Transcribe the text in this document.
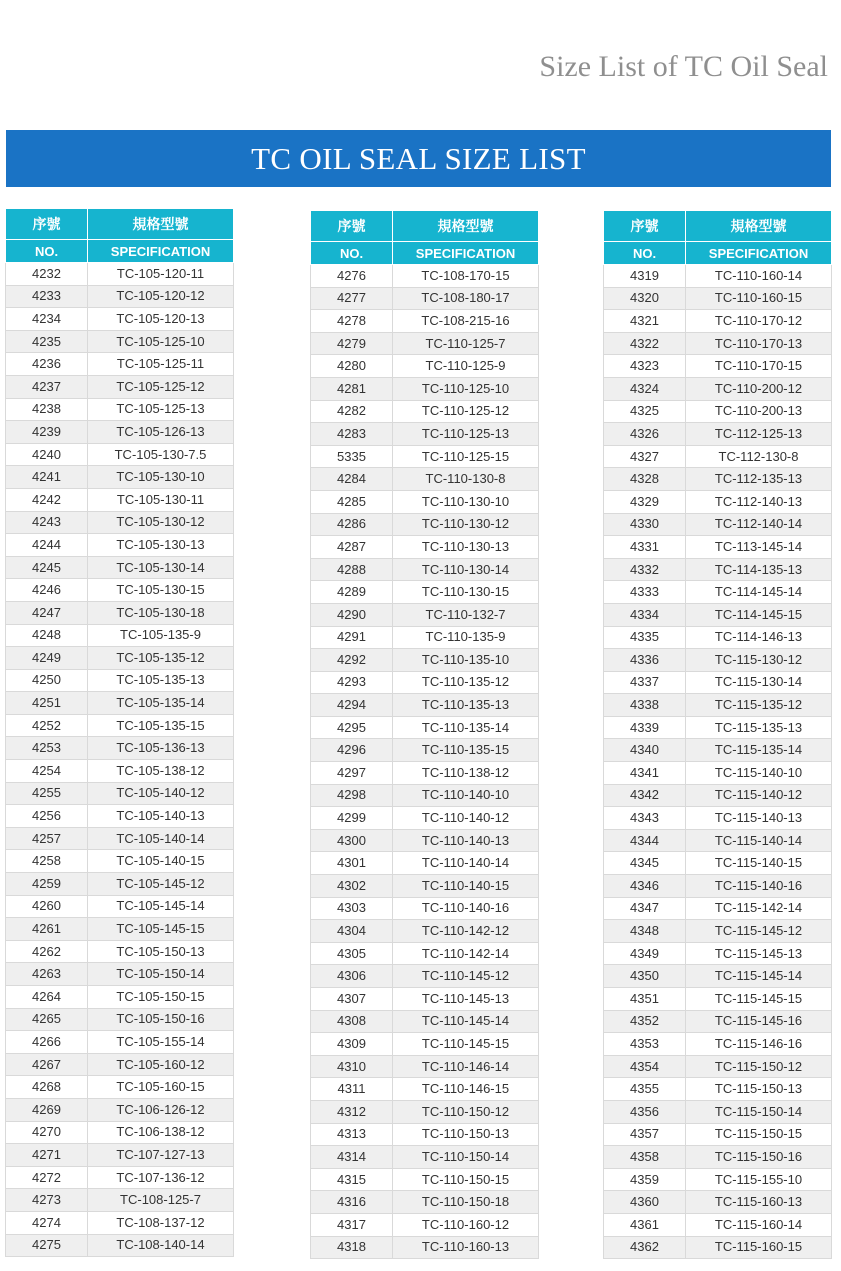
Size List of TC Oil Seal
TC OIL SEAL SIZE LIST
序號	規格型號
NO.	SPECIFICATION
4232	TC-105-120-11
4233	TC-105-120-12
4234	TC-105-120-13
4235	TC-105-125-10
4236	TC-105-125-11
4237	TC-105-125-12
4238	TC-105-125-13
4239	TC-105-126-13
4240	TC-105-130-7.5
4241	TC-105-130-10
4242	TC-105-130-11
4243	TC-105-130-12
4244	TC-105-130-13
4245	TC-105-130-14
4246	TC-105-130-15
4247	TC-105-130-18
4248	TC-105-135-9
4249	TC-105-135-12
4250	TC-105-135-13
4251	TC-105-135-14
4252	TC-105-135-15
4253	TC-105-136-13
4254	TC-105-138-12
4255	TC-105-140-12
4256	TC-105-140-13
4257	TC-105-140-14
4258	TC-105-140-15
4259	TC-105-145-12
4260	TC-105-145-14
4261	TC-105-145-15
4262	TC-105-150-13
4263	TC-105-150-14
4264	TC-105-150-15
4265	TC-105-150-16
4266	TC-105-155-14
4267	TC-105-160-12
4268	TC-105-160-15
4269	TC-106-126-12
4270	TC-106-138-12
4271	TC-107-127-13
4272	TC-107-136-12
4273	TC-108-125-7
4274	TC-108-137-12
4275	TC-108-140-14
序號	規格型號
NO.	SPECIFICATION
4276	TC-108-170-15
4277	TC-108-180-17
4278	TC-108-215-16
4279	TC-110-125-7
4280	TC-110-125-9
4281	TC-110-125-10
4282	TC-110-125-12
4283	TC-110-125-13
5335	TC-110-125-15
4284	TC-110-130-8
4285	TC-110-130-10
4286	TC-110-130-12
4287	TC-110-130-13
4288	TC-110-130-14
4289	TC-110-130-15
4290	TC-110-132-7
4291	TC-110-135-9
4292	TC-110-135-10
4293	TC-110-135-12
4294	TC-110-135-13
4295	TC-110-135-14
4296	TC-110-135-15
4297	TC-110-138-12
4298	TC-110-140-10
4299	TC-110-140-12
4300	TC-110-140-13
4301	TC-110-140-14
4302	TC-110-140-15
4303	TC-110-140-16
4304	TC-110-142-12
4305	TC-110-142-14
4306	TC-110-145-12
4307	TC-110-145-13
4308	TC-110-145-14
4309	TC-110-145-15
4310	TC-110-146-14
4311	TC-110-146-15
4312	TC-110-150-12
4313	TC-110-150-13
4314	TC-110-150-14
4315	TC-110-150-15
4316	TC-110-150-18
4317	TC-110-160-12
4318	TC-110-160-13
序號	規格型號
NO.	SPECIFICATION
4319	TC-110-160-14
4320	TC-110-160-15
4321	TC-110-170-12
4322	TC-110-170-13
4323	TC-110-170-15
4324	TC-110-200-12
4325	TC-110-200-13
4326	TC-112-125-13
4327	TC-112-130-8
4328	TC-112-135-13
4329	TC-112-140-13
4330	TC-112-140-14
4331	TC-113-145-14
4332	TC-114-135-13
4333	TC-114-145-14
4334	TC-114-145-15
4335	TC-114-146-13
4336	TC-115-130-12
4337	TC-115-130-14
4338	TC-115-135-12
4339	TC-115-135-13
4340	TC-115-135-14
4341	TC-115-140-10
4342	TC-115-140-12
4343	TC-115-140-13
4344	TC-115-140-14
4345	TC-115-140-15
4346	TC-115-140-16
4347	TC-115-142-14
4348	TC-115-145-12
4349	TC-115-145-13
4350	TC-115-145-14
4351	TC-115-145-15
4352	TC-115-145-16
4353	TC-115-146-16
4354	TC-115-150-12
4355	TC-115-150-13
4356	TC-115-150-14
4357	TC-115-150-15
4358	TC-115-150-16
4359	TC-115-155-10
4360	TC-115-160-13
4361	TC-115-160-14
4362	TC-115-160-15
